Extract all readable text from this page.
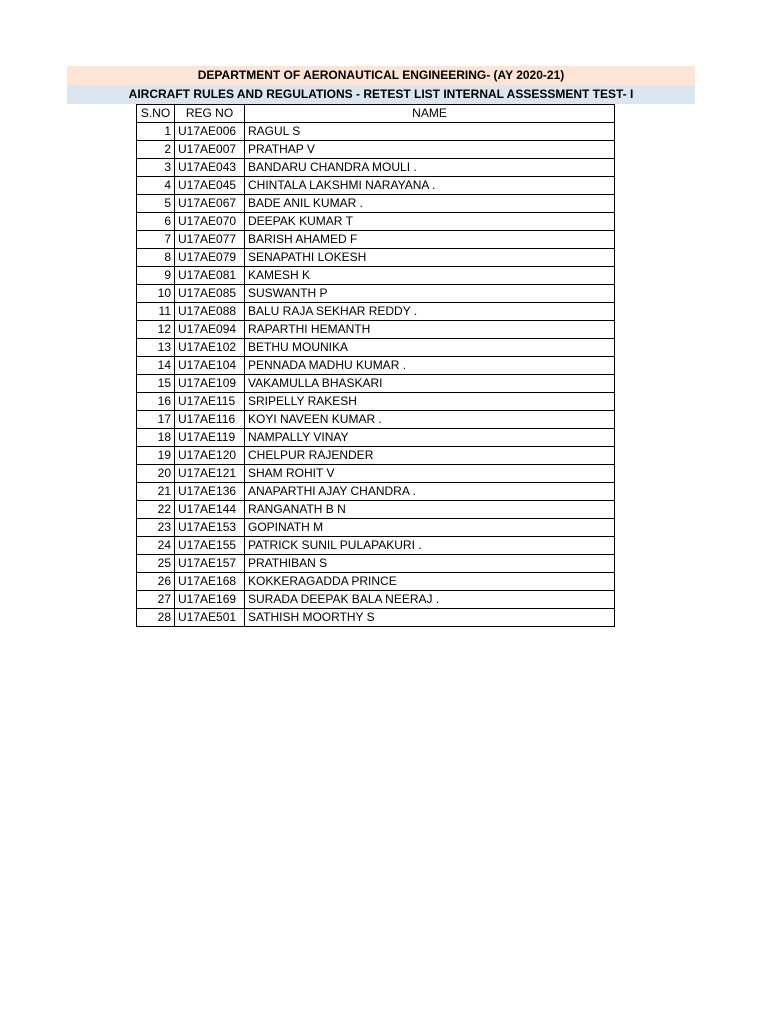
DEPARTMENT OF AERONAUTICAL ENGINEERING- (AY 2020-21)
AIRCRAFT RULES AND REGULATIONS - RETEST LIST INTERNAL ASSESSMENT TEST- I
S.NO	REG NO	NAME
1	U17AE006	RAGUL S
2	U17AE007	PRATHAP V
3	U17AE043	BANDARU CHANDRA MOULI .
4	U17AE045	CHINTALA LAKSHMI NARAYANA .
5	U17AE067	BADE ANIL KUMAR .
6	U17AE070	DEEPAK KUMAR T
7	U17AE077	BARISH AHAMED F
8	U17AE079	SENAPATHI LOKESH
9	U17AE081	KAMESH K
10	U17AE085	SUSWANTH P
11	U17AE088	BALU RAJA SEKHAR REDDY .
12	U17AE094	RAPARTHI HEMANTH
13	U17AE102	BETHU MOUNIKA
14	U17AE104	PENNADA MADHU KUMAR .
15	U17AE109	VAKAMULLA BHASKARI
16	U17AE115	SRIPELLY RAKESH
17	U17AE116	KOYI NAVEEN KUMAR .
18	U17AE119	NAMPALLY VINAY
19	U17AE120	CHELPUR RAJENDER
20	U17AE121	SHAM ROHIT V
21	U17AE136	ANAPARTHI AJAY CHANDRA .
22	U17AE144	RANGANATH B N
23	U17AE153	GOPINATH M
24	U17AE155	PATRICK SUNIL PULAPAKURI .
25	U17AE157	PRATHIBAN S
26	U17AE168	KOKKERAGADDA PRINCE
27	U17AE169	SURADA DEEPAK BALA NEERAJ .
28	U17AE501	SATHISH MOORTHY S
